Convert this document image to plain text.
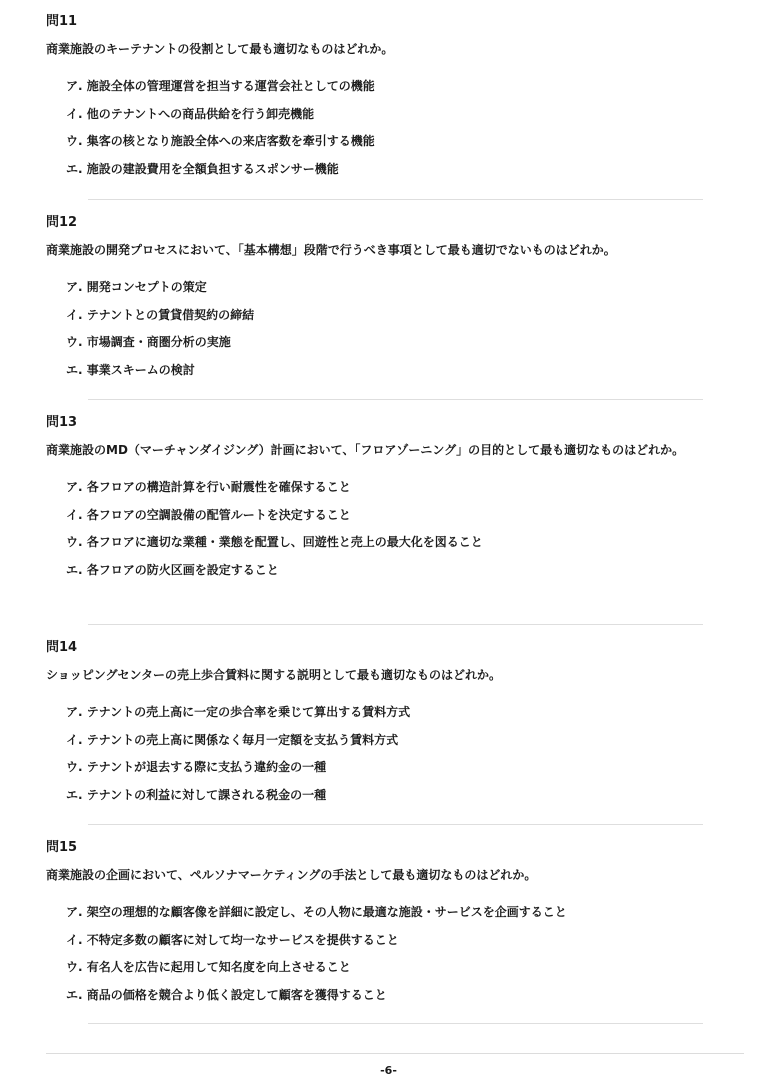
問11

商業施設のキーテナントの役割として最も適切なものはどれか。

ア. 施設全体の管理運営を担当する運営会社としての機能
イ. 他のテナントへの商品供給を行う卸売機能
ウ. 集客の核となり施設全体への来店客数を牽引する機能
エ. 施設の建設費用を全額負担するスポンサー機能
問12

商業施設の開発プロセスにおいて、「基本構想」段階で行うべき事項として最も適切でないものはどれか。

ア. 開発コンセプトの策定
イ. テナントとの賃貸借契約の締結
ウ. 市場調査・商圏分析の実施
エ. 事業スキームの検討
問13

商業施設のMD（マーチャンダイジング）計画において、「フロアゾーニング」の目的として最も適切なものはどれか。

ア. 各フロアの構造計算を行い耐震性を確保すること
イ. 各フロアの空調設備の配管ルートを決定すること
ウ. 各フロアに適切な業種・業態を配置し、回遊性と売上の最大化を図ること
エ. 各フロアの防火区画を設定すること
問14

ショッピングセンターの売上歩合賃料に関する説明として最も適切なものはどれか。

ア. テナントの売上高に一定の歩合率を乗じて算出する賃料方式
イ. テナントの売上高に関係なく毎月一定額を支払う賃料方式
ウ. テナントが退去する際に支払う違約金の一種
エ. テナントの利益に対して課される税金の一種
問15

商業施設の企画において、ペルソナマーケティングの手法として最も適切なものはどれか。

ア. 架空の理想的な顧客像を詳細に設定し、その人物に最適な施設・サービスを企画すること
イ. 不特定多数の顧客に対して均一なサービスを提供すること
ウ. 有名人を広告に起用して知名度を向上させること
エ. 商品の価格を競合より低く設定して顧客を獲得すること
-6-
